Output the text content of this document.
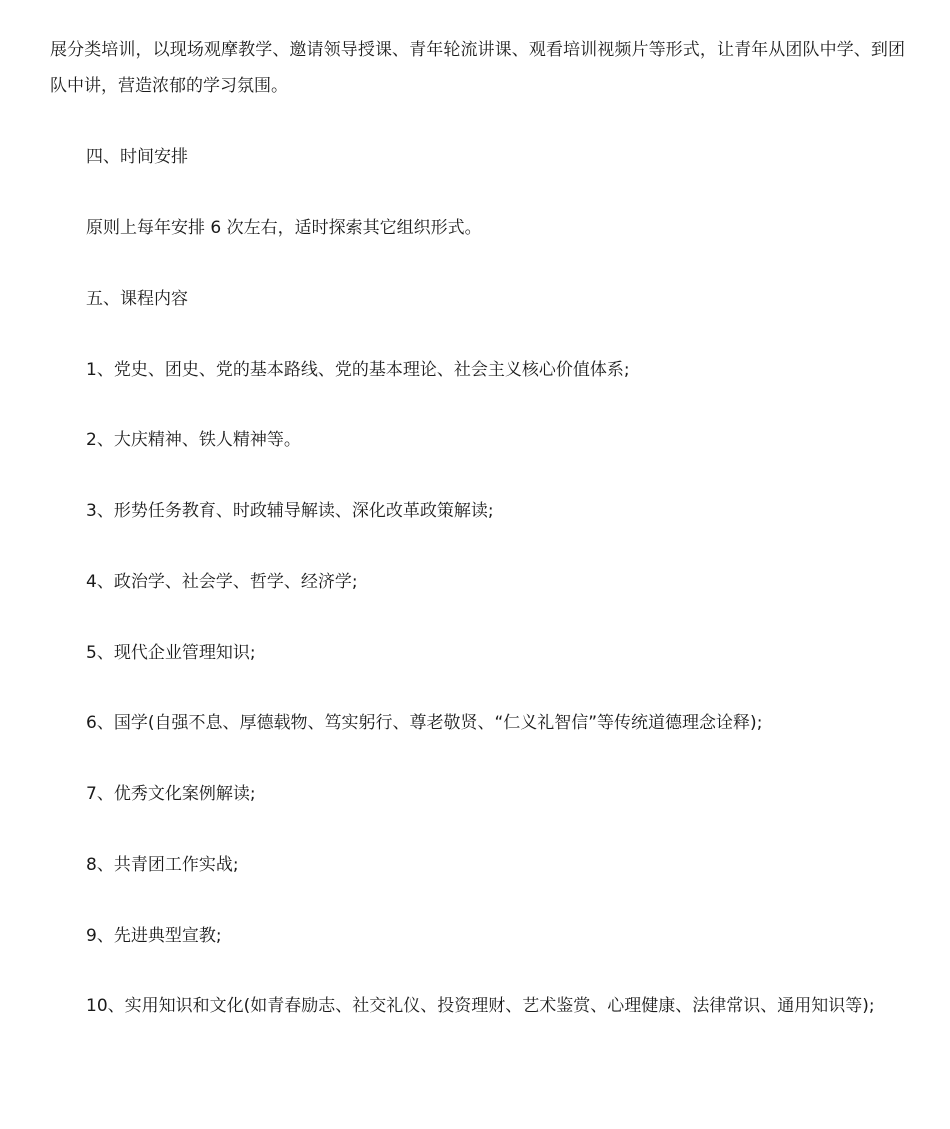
展分类培训，以现场观摩教学、邀请领导授课、青年轮流讲课、观看培训视频片等形式，让青年从团队中学、到团队中讲，营造浓郁的学习氛围。

四、时间安排

原则上每年安排 6 次左右，适时探索其它组织形式。

五、课程内容

1、党史、团史、党的基本路线、党的基本理论、社会主义核心价值体系;

2、大庆精神、铁人精神等。

3、形势任务教育、时政辅导解读、深化改革政策解读;

4、政治学、社会学、哲学、经济学;

5、现代企业管理知识;

6、国学(自强不息、厚德载物、笃实躬行、尊老敬贤、“仁义礼智信”等传统道德理念诠释);

7、优秀文化案例解读;

8、共青团工作实战;

9、先进典型宣教;

10、实用知识和文化(如青春励志、社交礼仪、投资理财、艺术鉴赏、心理健康、法律常识、通用知识等);
